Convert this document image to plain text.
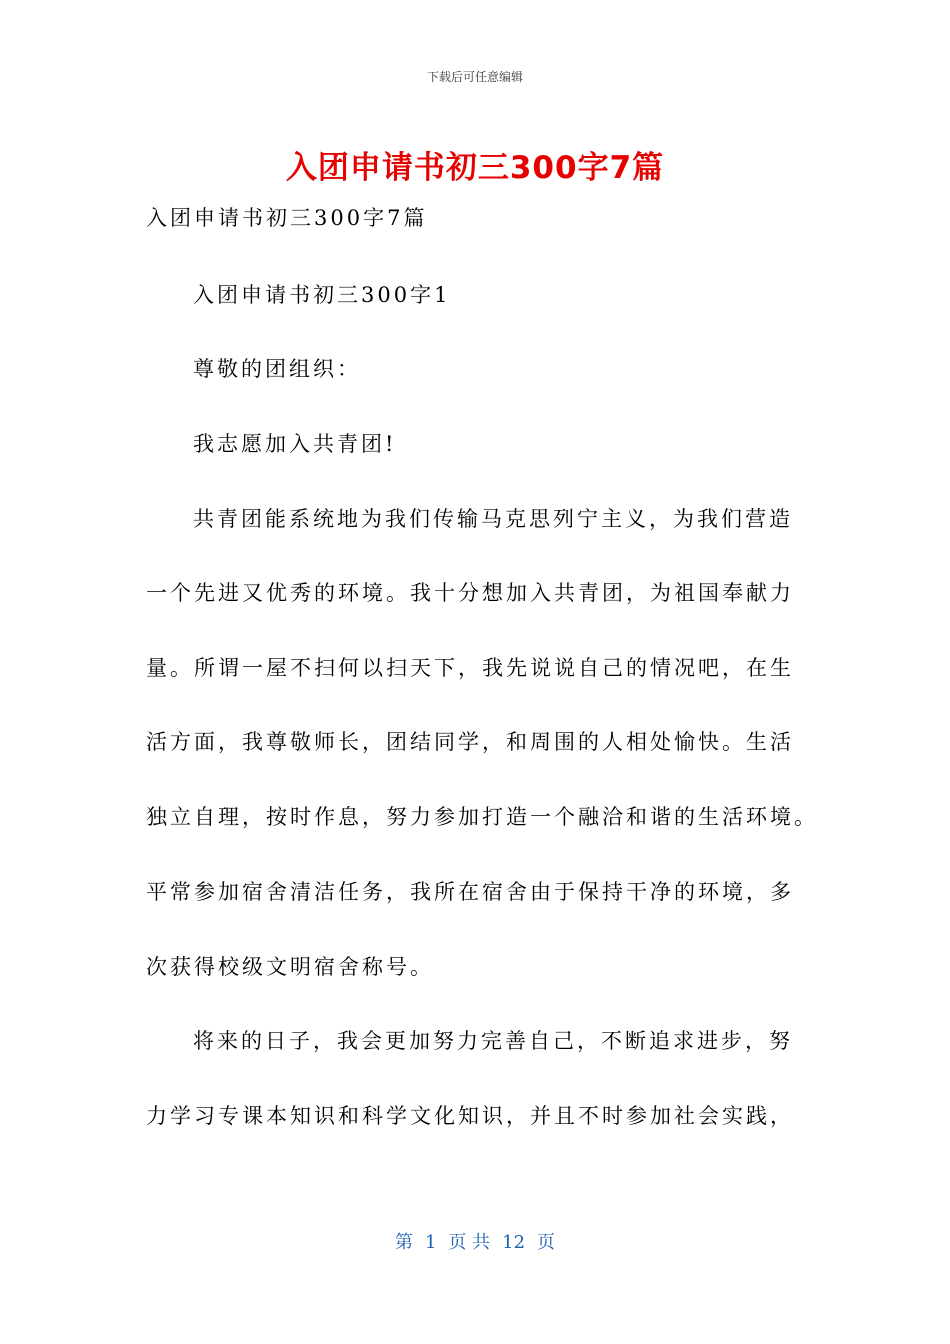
下载后可任意编辑
入团申请书初三300字7篇
入团申请书初三300字7篇
入团申请书初三300字1
尊敬的团组织：
我志愿加入共青团!
共青团能系统地为我们传输马克思列宁主义，为我们营造
一个先进又优秀的环境。我十分想加入共青团，为祖国奉献力
量。所谓一屋不扫何以扫天下，我先说说自己的情况吧，在生
活方面，我尊敬师长，团结同学，和周围的人相处愉快。生活
独立自理，按时作息，努力参加打造一个融洽和谐的生活环境。
平常参加宿舍清洁任务，我所在宿舍由于保持干净的环境，多
次获得校级文明宿舍称号。
将来的日子，我会更加努力完善自己，不断追求进步，努
力学习专课本知识和科学文化知识，并且不时参加社会实践，
第 1 页 共 12 页
